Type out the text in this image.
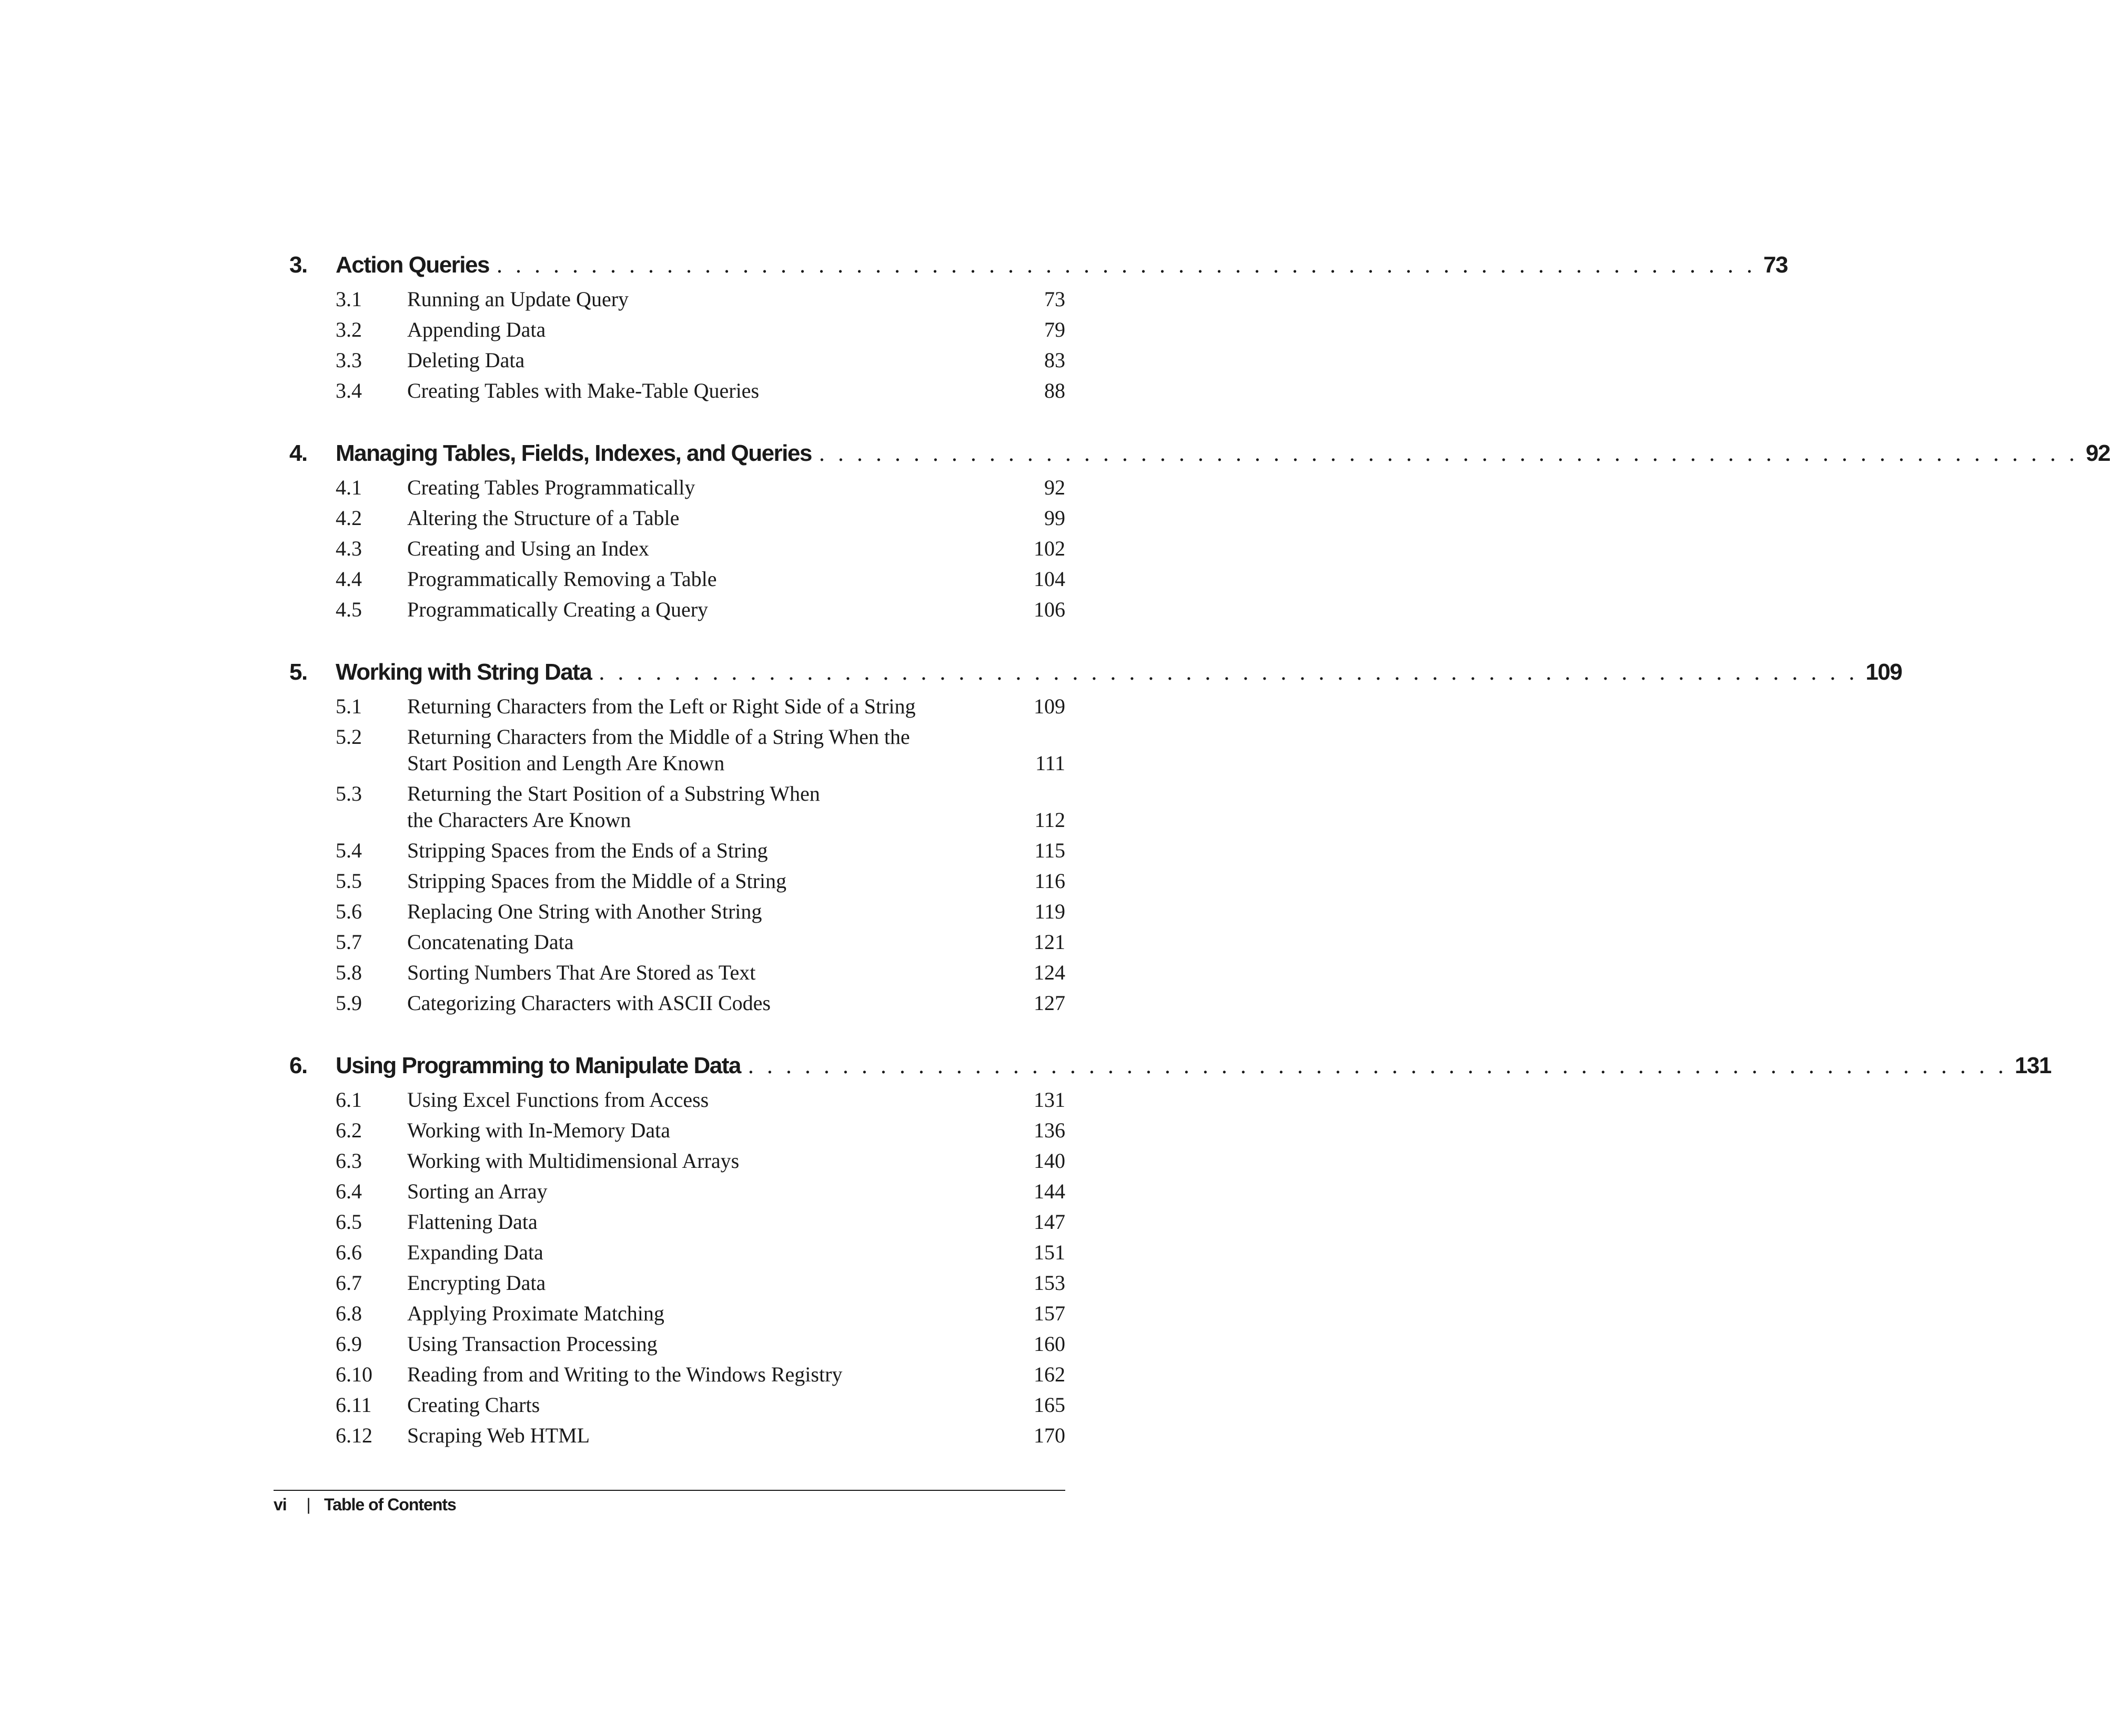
3.	Action Queries . . . . . . . . . . . . . . . . . . . . . . . . . . . . . . . . . . . . . . . . . . . . . . . . . . . . . . . . . . . . . . . . . . . 73
3.1	Running an Update Query	73
3.2	Appending Data	79
3.3	Deleting Data	83
3.4	Creating Tables with Make-Table Queries	88
4.	Managing Tables, Fields, Indexes, and Queries . . . . . . . . . . . . . . . . . . . . . . . . . . . . . . . . . . . . . . . . . . . . . . . . . . . . . . . . . . . . . . . . . . . 92
4.1	Creating Tables Programmatically	92
4.2	Altering the Structure of a Table	99
4.3	Creating and Using an Index	102
4.4	Programmatically Removing a Table	104
4.5	Programmatically Creating a Query	106
5.	Working with String Data . . . . . . . . . . . . . . . . . . . . . . . . . . . . . . . . . . . . . . . . . . . . . . . . . . . . . . . . . . . . . . . . . . . 109
5.1	Returning Characters from the Left or Right Side of a String	109
5.2	Returning Characters from the Middle of a String When the
Start Position and Length Are Known	111
5.3	Returning the Start Position of a Substring When
the Characters Are Known	112
5.4	Stripping Spaces from the Ends of a String	115
5.5	Stripping Spaces from the Middle of a String	116
5.6	Replacing One String with Another String	119
5.7	Concatenating Data	121
5.8	Sorting Numbers That Are Stored as Text	124
5.9	Categorizing Characters with ASCII Codes	127
6.	Using Programming to Manipulate Data . . . . . . . . . . . . . . . . . . . . . . . . . . . . . . . . . . . . . . . . . . . . . . . . . . . . . . . . . . . . . . . . . . . 131
6.1	Using Excel Functions from Access	131
6.2	Working with In-Memory Data	136
6.3	Working with Multidimensional Arrays	140
6.4	Sorting an Array	144
6.5	Flattening Data	147
6.6	Expanding Data	151
6.7	Encrypting Data	153
6.8	Applying Proximate Matching	157
6.9	Using Transaction Processing	160
6.10	Reading from and Writing to the Windows Registry	162
6.11	Creating Charts	165
6.12	Scraping Web HTML	170
vi	| Table of Contents
